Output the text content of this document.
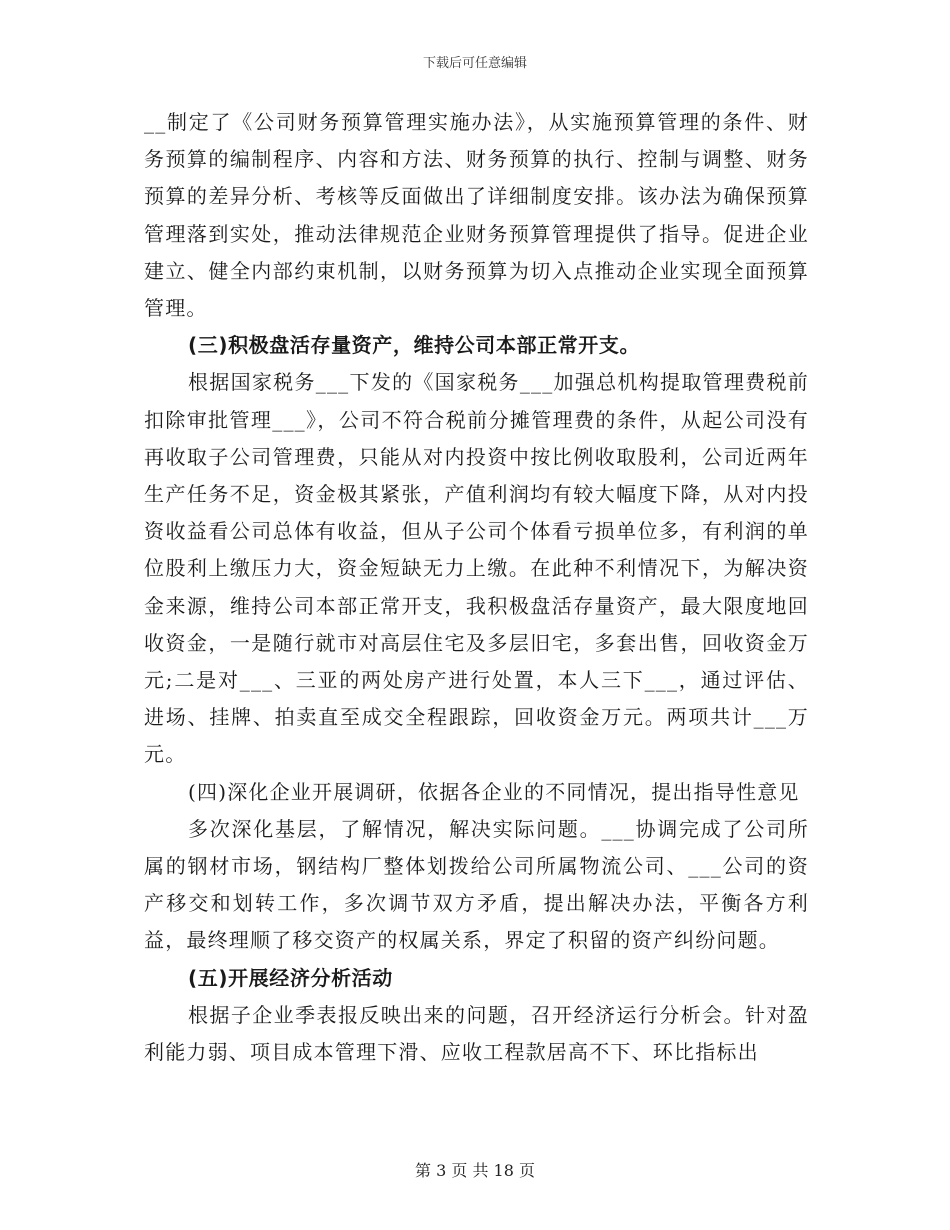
下载后可任意编辑

__制定了《公司财务预算管理实施办法》，从实施预算管理的条件、财务预算的编制程序、内容和方法、财务预算的执行、控制与调整、财务预算的差异分析、考核等反面做出了详细制度安排。该办法为确保预算管理落到实处，推动法律规范企业财务预算管理提供了指导。促进企业建立、健全内部约束机制，以财务预算为切入点推动企业实现全面预算管理。

(三)积极盘活存量资产，维持公司本部正常开支。

根据国家税务___下发的《国家税务___加强总机构提取管理费税前扣除审批管理___》，公司不符合税前分摊管理费的条件，从起公司没有再收取子公司管理费，只能从对内投资中按比例收取股利，公司近两年生产任务不足，资金极其紧张，产值利润均有较大幅度下降，从对内投资收益看公司总体有收益，但从子公司个体看亏损单位多，有利润的单位股利上缴压力大，资金短缺无力上缴。在此种不利情况下，为解决资金来源，维持公司本部正常开支，我积极盘活存量资产，最大限度地回收资金，一是随行就市对高层住宅及多层旧宅，多套出售，回收资金万元;二是对___、三亚的两处房产进行处置，本人三下___，通过评估、进场、挂牌、拍卖直至成交全程跟踪，回收资金万元。两项共计___万元。

(四)深化企业开展调研，依据各企业的不同情况，提出指导性意见

多次深化基层，了解情况，解决实际问题。___协调完成了公司所属的钢材市场，钢结构厂整体划拨给公司所属物流公司、___公司的资产移交和划转工作，多次调节双方矛盾，提出解决办法，平衡各方利益，最终理顺了移交资产的权属关系，界定了积留的资产纠纷问题。

(五)开展经济分析活动

根据子企业季表报反映出来的问题，召开经济运行分析会。针对盈利能力弱、项目成本管理下滑、应收工程款居高不下、环比指标出

第 3 页 共 18 页
